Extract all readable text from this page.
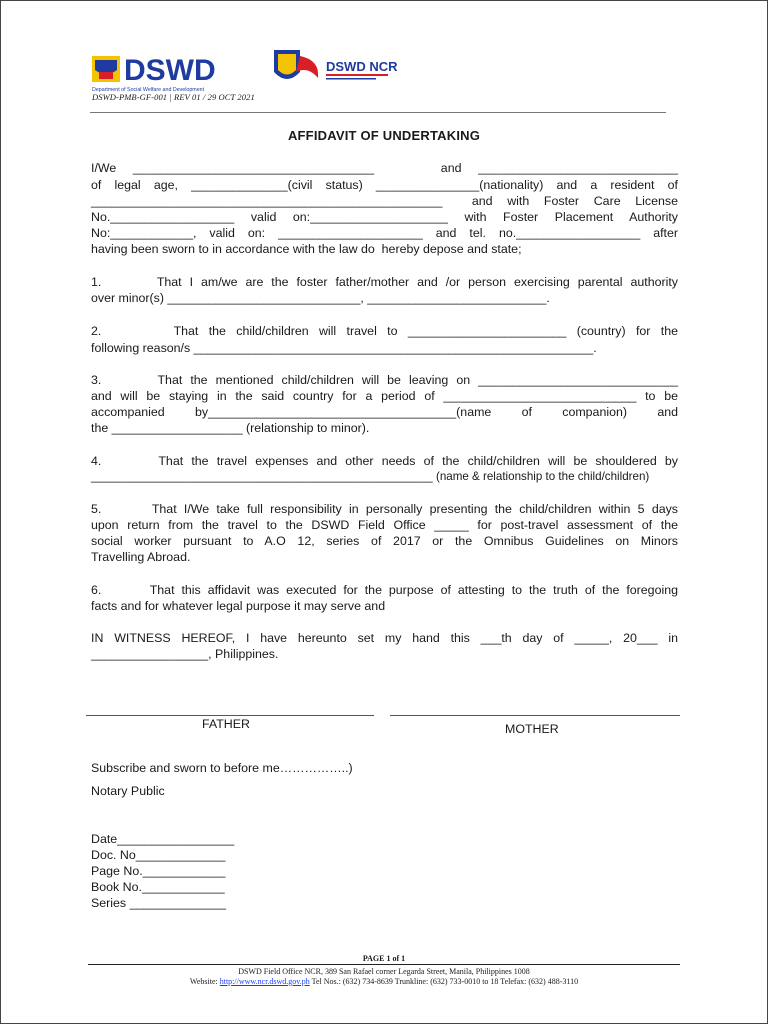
DSWD
Department of Social Welfare and Development
DSWD NCR
DSWD-PMB-GF-001 | REV 01 / 29 OCT 2021
AFFIDAVIT OF UNDERTAKING
I/We ___________________________________    and _____________________________
of legal age, ______________(civil status) _______________(nationality) and a resident of
___________________________________________________  and with Foster Care License
No.__________________ valid on:____________________ with Foster Placement Authority
No:____________, valid on: _____________________ and tel. no.__________________ after
having been sworn to in accordance with the law do  hereby depose and state;
1.       That I am/we are the foster father/mother and /or person exercising parental authority
over minor(s) ____________________________, __________________________.
2.       That the child/children will travel to _______________________ (country) for the
following reason/s __________________________________________________________.
3.       That the mentioned child/children will be leaving on _____________________________
and will be staying in the said country for a period of ____________________________ to be
accompanied by____________________________________(name of companion) and
the ___________________ (relationship to minor).
4.       That the travel expenses and other needs of the child/children will be shouldered by
_____________________________________________________ (name & relationship to the child/children)
5.       That I/We take full responsibility in personally presenting the child/children within 5 days
upon return from the travel to the DSWD Field Office _____ for post-travel assessment of the
social worker pursuant to A.O 12, series of 2017 or the Omnibus Guidelines on Minors
Travelling Abroad.
6.       That this affidavit was executed for the purpose of attesting to the truth of the foregoing
facts and for whatever legal purpose it may serve and
IN WITNESS HEREOF, I have hereunto set my hand this ___th day of _____, 20___ in
_________________, Philippines.
FATHER	MOTHER
Subscribe and sworn to before me……………..)
Notary Public
Date_________________
Doc. No_____________
Page No.____________
Book No.____________
Series ______________
PAGE 1 of 1
DSWD Field Office NCR, 389 San Rafael corner Legarda Street, Manila, Philippines 1008
Website: http://www.ncr.dswd.gov.ph Tel Nos.: (632) 734-8639 Trunkline: (632) 733-0010 to 18 Telefax: (632) 488-3110
